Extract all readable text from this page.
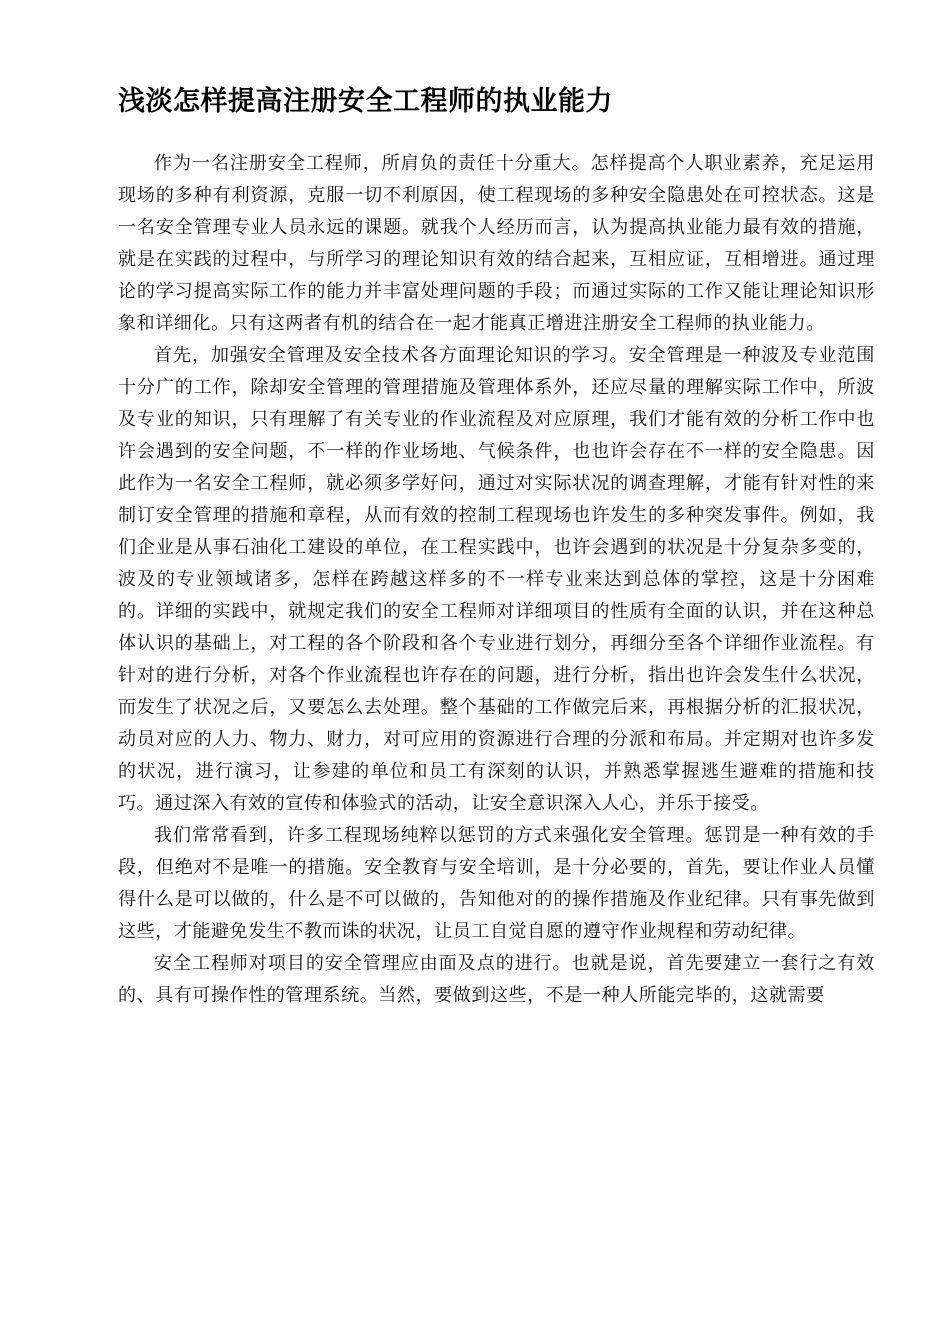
浅淡怎样提高注册安全工程师的执业能力

作为一名注册安全工程师，所肩负的责任十分重大。怎样提高个人职业素养，充足运用现场的多种有利资源，克服一切不利原因，使工程现场的多种安全隐患处在可控状态。这是一名安全管理专业人员永远的课题。就我个人经历而言，认为提高执业能力最有效的措施，就是在实践的过程中，与所学习的理论知识有效的结合起来，互相应证，互相增进。通过理论的学习提高实际工作的能力并丰富处理问题的手段；而通过实际的工作又能让理论知识形象和详细化。只有这两者有机的结合在一起才能真正增进注册安全工程师的执业能力。

首先，加强安全管理及安全技术各方面理论知识的学习。安全管理是一种波及专业范围十分广的工作，除却安全管理的管理措施及管理体系外，还应尽量的理解实际工作中，所波及专业的知识，只有理解了有关专业的作业流程及对应原理，我们才能有效的分析工作中也许会遇到的安全问题，不一样的作业场地、气候条件，也也许会存在不一样的安全隐患。因此作为一名安全工程师，就必须多学好问，通过对实际状况的调查理解，才能有针对性的来制订安全管理的措施和章程，从而有效的控制工程现场也许发生的多种突发事件。例如，我们企业是从事石油化工建设的单位，在工程实践中，也许会遇到的状况是十分复杂多变的，波及的专业领域诸多，怎样在跨越这样多的不一样专业来达到总体的掌控，这是十分困难的。详细的实践中，就规定我们的安全工程师对详细项目的性质有全面的认识，并在这种总体认识的基础上，对工程的各个阶段和各个专业进行划分，再细分至各个详细作业流程。有针对的进行分析，对各个作业流程也许存在的问题，进行分析，指出也许会发生什么状况，而发生了状况之后，又要怎么去处理。整个基础的工作做完后来，再根据分析的汇报状况，动员对应的人力、物力、财力，对可应用的资源进行合理的分派和布局。并定期对也许多发的状况，进行演习，让参建的单位和员工有深刻的认识，并熟悉掌握逃生避难的措施和技巧。通过深入有效的宣传和体验式的活动，让安全意识深入人心，并乐于接受。

我们常常看到，许多工程现场纯粹以惩罚的方式来强化安全管理。惩罚是一种有效的手段，但绝对不是唯一的措施。安全教育与安全培训，是十分必要的，首先，要让作业人员懂得什么是可以做的，什么是不可以做的，告知他对的的操作措施及作业纪律。只有事先做到这些，才能避免发生不教而诛的状况，让员工自觉自愿的遵守作业规程和劳动纪律。

安全工程师对项目的安全管理应由面及点的进行。也就是说，首先要建立一套行之有效的、具有可操作性的管理系统。当然，要做到这些，不是一种人所能完毕的，这就需要
